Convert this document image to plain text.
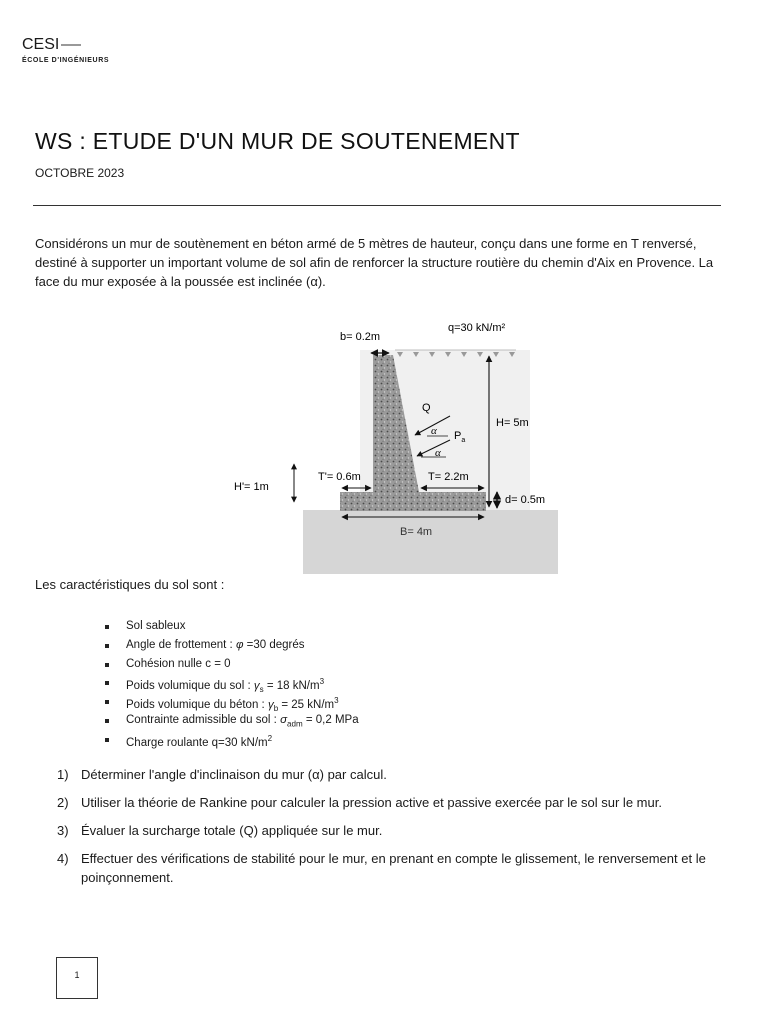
CESI
ÉCOLE D'INGÉNIEURS
WS : ETUDE D'UN MUR DE SOUTENEMENT
OCTOBRE 2023
Considérons un mur de soutènement en béton armé de 5 mètres de hauteur, conçu dans une forme en T renversé, destiné à supporter un important volume de sol afin de renforcer la structure routière du chemin d'Aix en Provence. La face du mur exposée à la poussée est inclinée (α).
b= 0.2m
q=30 kN/m²
H= 5m
Q
α
α
$P_a$
T'= 0.6m	T= 2.2m
H'= 1m
d= 0.5m
B= 4m
Les caractéristiques du sol sont :
Sol sableux
Angle de frottement : φ =30 degrés
Cohésion nulle c = 0
Poids volumique du sol : $\gamma_s = 18$ $kN/m^3$
Poids volumique du béton : $\gamma_b = 25$ $kN/m^3$
Contrainte admissible du sol : $\sigma_{adm} = 0,2$ MPa
Charge roulante q=30 $kN/m^2$
1) Déterminer l'angle d'inclinaison du mur (α) par calcul.
2) Utiliser la théorie de Rankine pour calculer la pression active et passive exercée par le sol sur le mur.
3) Évaluer la surcharge totale (Q) appliquée sur le mur.
4) Effectuer des vérifications de stabilité pour le mur, en prenant en compte le glissement, le renversement et le poinçonnement.
1
